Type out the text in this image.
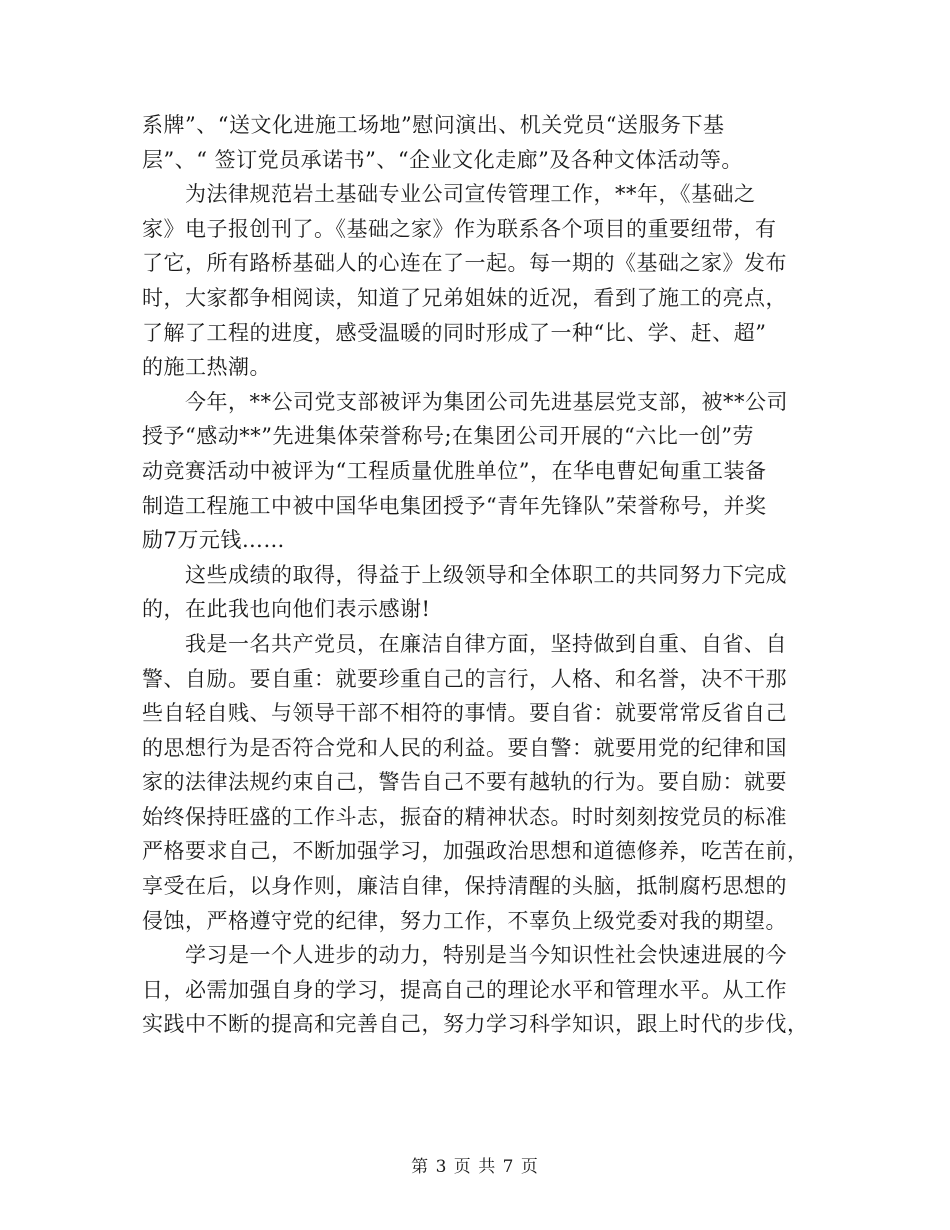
系牌”、“送文化进施工场地”慰问演出、机关党员“送服务下基
层”、“ 签订党员承诺书”、“企业文化走廊”及各种文体活动等。

　　为法律规范岩土基础专业公司宣传管理工作，**年，《基础之
家》电子报创刊了。《基础之家》作为联系各个项目的重要纽带，有
了它，所有路桥基础人的心连在了一起。每一期的《基础之家》发布
时，大家都争相阅读，知道了兄弟姐妹的近况，看到了施工的亮点，
了解了工程的进度，感受温暖的同时形成了一种“比、学、赶、超”
的施工热潮。

　　今年，**公司党支部被评为集团公司先进基层党支部，被**公司
授予“感动**”先进集体荣誉称号;在集团公司开展的“六比一创”劳
动竞赛活动中被评为“工程质量优胜单位”，在华电曹妃甸重工装备
制造工程施工中被中国华电集团授予“青年先锋队”荣誉称号，并奖
励7万元钱……

　　这些成绩的取得，得益于上级领导和全体职工的共同努力下完成
的，在此我也向他们表示感谢!

　　我是一名共产党员，在廉洁自律方面，坚持做到自重、自省、自
警、自励。要自重：就要珍重自己的言行，人格、和名誉，决不干那
些自轻自贱、与领导干部不相符的事情。要自省：就要常常反省自己
的思想行为是否符合党和人民的利益。要自警：就要用党的纪律和国
家的法律法规约束自己，警告自己不要有越轨的行为。要自励：就要
始终保持旺盛的工作斗志，振奋的精神状态。时时刻刻按党员的标准
严格要求自己，不断加强学习，加强政治思想和道德修养，吃苦在前，
享受在后，以身作则，廉洁自律，保持清醒的头脑，抵制腐朽思想的
侵蚀，严格遵守党的纪律，努力工作，不辜负上级党委对我的期望。

　　学习是一个人进步的动力，特别是当今知识性社会快速进展的今
日，必需加强自身的学习，提高自己的理论水平和管理水平。从工作
实践中不断的提高和完善自己，努力学习科学知识，跟上时代的步伐，

第 3 页 共 7 页
